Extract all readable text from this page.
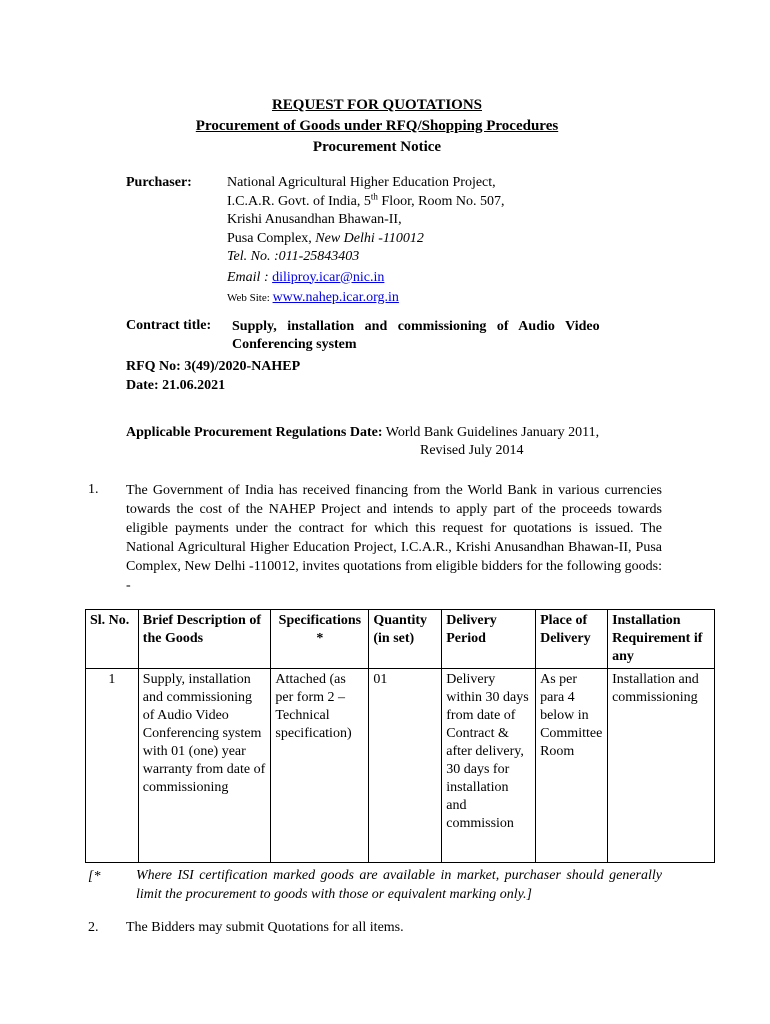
REQUEST FOR QUOTATIONS
Procurement of Goods under RFQ/Shopping Procedures
Procurement Notice
Purchaser:	National Agricultural Higher Education Project,
I.C.A.R. Govt. of India, 5th Floor, Room No. 507,
Krishi Anusandhan Bhawan-II,
Pusa Complex, New Delhi -110012
Tel. No. :011-25843403
Email : diliproy.icar@nic.in
Web Site: www.nahep.icar.org.in
Contract title: Supply,   installation   and   commissioning   of   Audio   Video
Conferencing system
RFQ No: 3(49)/2020-NAHEP
Date: 21.06.2021
Applicable Procurement Regulations Date: World Bank Guidelines January 2011,
Revised July 2014
1. The Government of India has received financing from the World Bank in various currencies towards the cost of the NAHEP Project and intends to apply part of the proceeds towards eligible payments under the contract for which this request for quotations is issued. The National Agricultural Higher Education Project, I.C.A.R., Krishi Anusandhan Bhawan-II, Pusa Complex, New Delhi -110012, invites quotations from eligible bidders for the following goods: -
Sl. No.	Brief Description of the Goods	Specifications *	Quantity (in set)	Delivery Period	Place of Delivery	Installation Requirement if any
1	Supply, installation and commissioning of Audio Video Conferencing system with 01 (one) year warranty from date of commissioning	Attached (as per form 2 – Technical specification)	01	Delivery within 30 days from date of Contract & after delivery, 30 days for installation and commission	As per para 4 below in Committee Room	Installation and commissioning
[*	Where ISI certification marked goods are available in market, purchaser should generally limit the procurement to goods with those or equivalent marking only.]
2. The Bidders may submit Quotations for all items.
